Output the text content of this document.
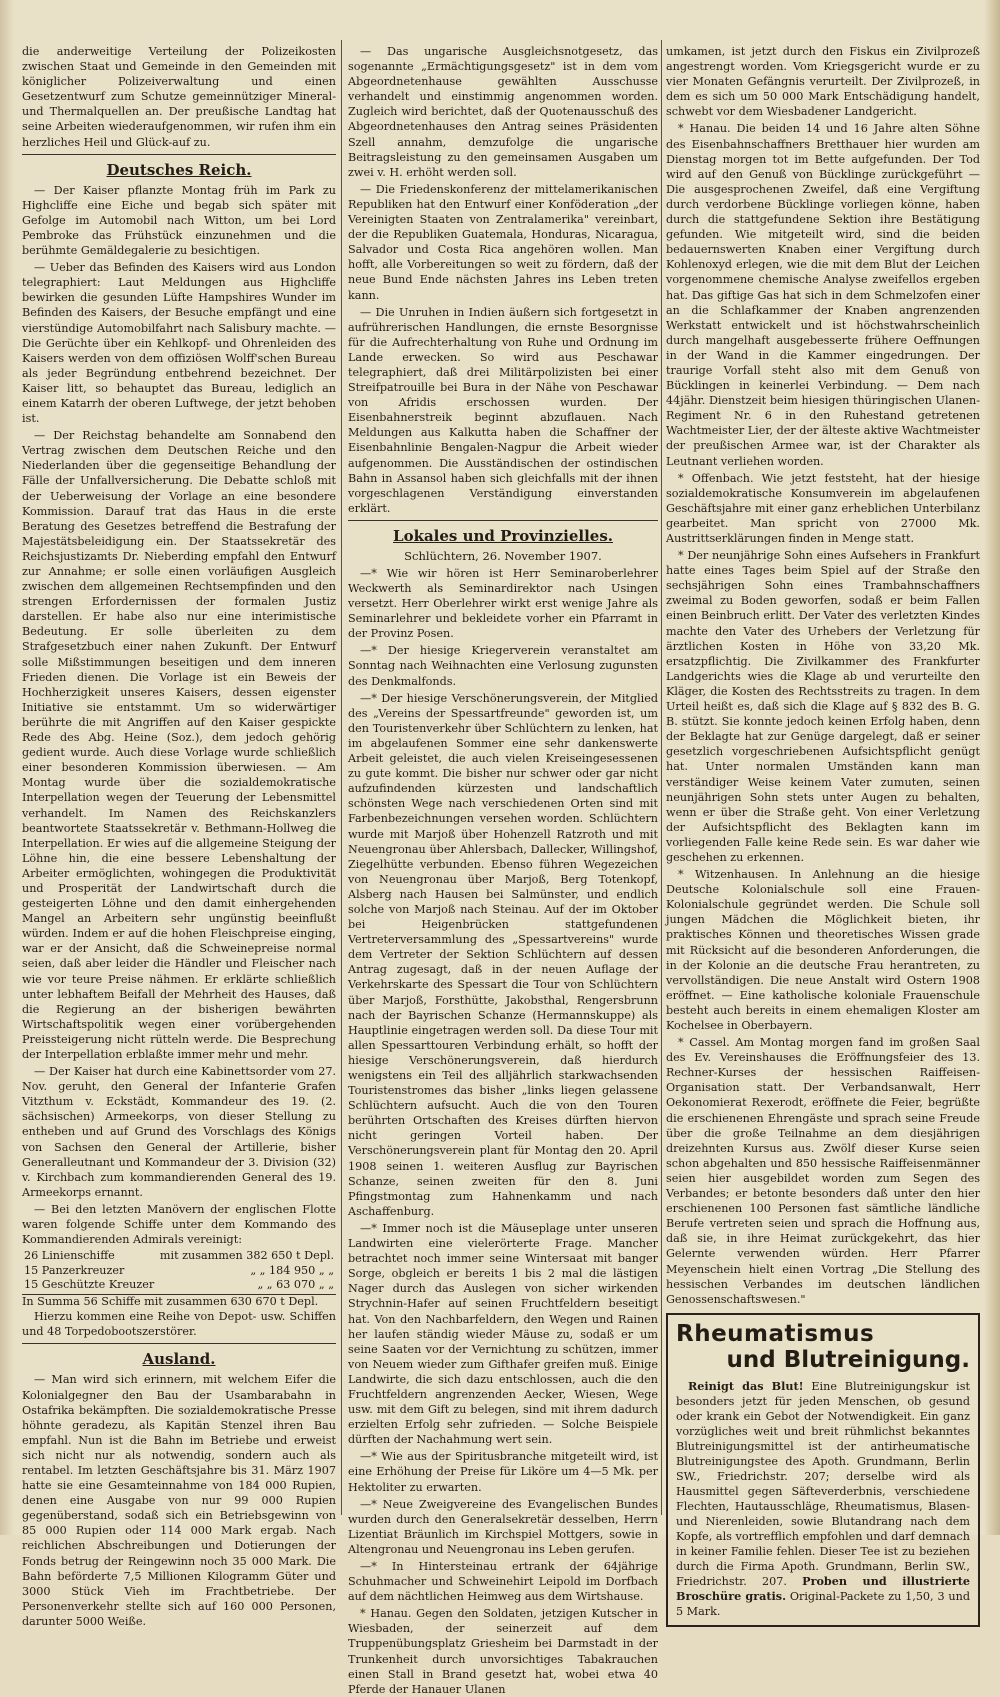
die anderweitige Verteilung der Polizeikosten zwischen Staat und Gemeinde in den Gemeinden mit königlicher Polizeiverwaltung und einen Gesetzentwurf zum Schutze gemeinnütziger Mineral- und Thermalquellen an. Der preußische Landtag hat seine Arbeiten wiederaufgenommen, wir rufen ihm ein herzliches Heil und Glück-auf zu.

Deutsches Reich.

— Der Kaiser pflanzte Montag früh im Park zu Highcliffe eine Eiche und begab sich später mit Gefolge im Automobil nach Witton, um bei Lord Pembroke das Frühstück einzunehmen und die berühmte Gemäldegalerie zu besichtigen.

— Ueber das Befinden des Kaisers wird aus London telegraphiert: Laut Meldungen aus Highcliffe bewirken die gesunden Lüfte Hampshires Wunder im Befinden des Kaisers, der Besuche empfängt und eine vierstündige Automobilfahrt nach Salisbury machte. — Die Gerüchte über ein Kehlkopf- und Ohrenleiden des Kaisers werden von dem offiziösen Wolff'schen Bureau als jeder Begründung entbehrend bezeichnet. Der Kaiser litt, so behauptet das Bureau, lediglich an einem Katarrh der oberen Luftwege, der jetzt behoben ist.

— Der Reichstag behandelte am Sonnabend den Vertrag zwischen dem Deutschen Reiche und den Niederlanden über die gegenseitige Behandlung der Fälle der Unfallversicherung. Die Debatte schloß mit der Ueberweisung der Vorlage an eine besondere Kommission. Darauf trat das Haus in die erste Beratung des Gesetzes betreffend die Bestrafung der Majestätsbeleidigung ein. Der Staatssekretär des Reichsjustizamts Dr. Nieberding empfahl den Entwurf zur Annahme; er solle einen vorläufigen Ausgleich zwischen dem allgemeinen Rechtsempfinden und den strengen Erfordernissen der formalen Justiz darstellen. Er habe also nur eine interimistische Bedeutung. Er solle überleiten zu dem Strafgesetzbuch einer nahen Zukunft. Der Entwurf solle Mißstimmungen beseitigen und dem inneren Frieden dienen. Die Vorlage ist ein Beweis der Hochherzigkeit unseres Kaisers, dessen eigenster Initiative sie entstammt. Um so widerwärtiger berührte die mit Angriffen auf den Kaiser gespickte Rede des Abg. Heine (Soz.), dem jedoch gehörig gedient wurde. Auch diese Vorlage wurde schließlich einer besonderen Kommission überwiesen. — Am Montag wurde über die sozialdemokratische Interpellation wegen der Teuerung der Lebensmittel verhandelt. Im Namen des Reichskanzlers beantwortete Staatssekretär v. Bethmann-Hollweg die Interpellation. Er wies auf die allgemeine Steigung der Löhne hin, die eine bessere Lebenshaltung der Arbeiter ermöglichten, wohingegen die Produktivität und Prosperität der Landwirtschaft durch die gesteigerten Löhne und den damit einhergehenden Mangel an Arbeitern sehr ungünstig beeinflußt würden. Indem er auf die hohen Fleischpreise einging, war er der Ansicht, daß die Schweinepreise normal seien, daß aber leider die Händler und Fleischer nach wie vor teure Preise nähmen. Er erklärte schließlich unter lebhaftem Beifall der Mehrheit des Hauses, daß die Regierung an der bisherigen bewährten Wirtschaftspolitik wegen einer vorübergehenden Preissteigerung nicht rütteln werde. Die Besprechung der Interpellation erblaßte immer mehr und mehr.

— Der Kaiser hat durch eine Kabinettsorder vom 27. Nov. geruht, den General der Infanterie Grafen Vitzthum v. Eckstädt, Kommandeur des 19. (2. sächsischen) Armeekorps, von dieser Stellung zu entheben und auf Grund des Vorschlags des Königs von Sachsen den General der Artillerie, bisher Generalleutnant und Kommandeur der 3. Division (32) v. Kirchbach zum kommandierenden General des 19. Armeekorps ernannt.

— Bei den letzten Manövern der englischen Flotte waren folgende Schiffe unter dem Kommando des Kommandierenden Admirals vereinigt:

26 Linienschiffe	mit zusammen 382 650 t Depl.
15 Panzerkreuzer	„ „ 184 950 „ „
15 Geschützte Kreuzer	„ „ 63 070 „ „
In Summa 56 Schiffe mit zusammen 630 670 t Depl.

Hierzu kommen eine Reihe von Depot- usw. Schiffen und 48 Torpedobootszerstörer.

Ausland.

— Man wird sich erinnern, mit welchem Eifer die Kolonialgegner den Bau der Usambarabahn in Ostafrika bekämpften. Die sozialdemokratische Presse höhnte geradezu, als Kapitän Stenzel ihren Bau empfahl. Nun ist die Bahn im Betriebe und erweist sich nicht nur als notwendig, sondern auch als rentabel. Im letzten Geschäftsjahre bis 31. März 1907 hatte sie eine Gesamteinnahme von 184 000 Rupien, denen eine Ausgabe von nur 99 000 Rupien gegenüberstand, sodaß sich ein Betriebsgewinn von 85 000 Rupien oder 114 000 Mark ergab. Nach reichlichen Abschreibungen und Dotierungen der Fonds betrug der Reingewinn noch 35 000 Mark. Die Bahn beförderte 7,5 Millionen Kilogramm Güter und 3000 Stück Vieh im Frachtbetriebe. Der Personenverkehr stellte sich auf 160 000 Personen, darunter 5000 Weiße.

— Das ungarische Ausgleichsnotgesetz, das sogenannte „Ermächtigungsgesetz" ist in dem vom Abgeordnetenhause gewählten Ausschusse verhandelt und einstimmig angenommen worden. Zugleich wird berichtet, daß der Quotenausschuß des Abgeordnetenhauses den Antrag seines Präsidenten Szell annahm, demzufolge die ungarische Beitragsleistung zu den gemeinsamen Ausgaben um zwei v. H. erhöht werden soll.

— Die Friedenskonferenz der mittelamerikanischen Republiken hat den Entwurf einer Konföderation „der Vereinigten Staaten von Zentralamerika" vereinbart, der die Republiken Guatemala, Honduras, Nicaragua, Salvador und Costa Rica angehören wollen. Man hofft, alle Vorbereitungen so weit zu fördern, daß der neue Bund Ende nächsten Jahres ins Leben treten kann.

— Die Unruhen in Indien äußern sich fortgesetzt in aufrührerischen Handlungen, die ernste Besorgnisse für die Aufrechterhaltung von Ruhe und Ordnung im Lande erwecken. So wird aus Peschawar telegraphiert, daß drei Militärpolizisten bei einer Streifpatrouille bei Bura in der Nähe von Peschawar von Afridis erschossen wurden. Der Eisenbahnerstreik beginnt abzuflauen. Nach Meldungen aus Kalkutta haben die Schaffner der Eisenbahnlinie Bengalen-Nagpur die Arbeit wieder aufgenommen. Die Ausständischen der ostindischen Bahn in Assansol haben sich gleichfalls mit der ihnen vorgeschlagenen Verständigung einverstanden erklärt.

Lokales und Provinzielles.
Schlüchtern, 26. November 1907.

—* Wie wir hören ist Herr Seminaroberlehrer Weckwerth als Seminardirektor nach Usingen versetzt. Herr Oberlehrer wirkt erst wenige Jahre als Seminarlehrer und bekleidete vorher ein Pfarramt in der Provinz Posen.

—* Der hiesige Kriegerverein veranstaltet am Sonntag nach Weihnachten eine Verlosung zugunsten des Denkmalfonds.

—* Der hiesige Verschönerungsverein, der Mitglied des „Vereins der Spessartfreunde" geworden ist, um den Touristenverkehr über Schlüchtern zu lenken, hat im abgelaufenen Sommer eine sehr dankenswerte Arbeit geleistet, die auch vielen Kreiseingesessenen zu gute kommt. Die bisher nur schwer oder gar nicht aufzufindenden kürzesten und landschaftlich schönsten Wege nach verschiedenen Orten sind mit Farbenbezeichnungen versehen worden. Schlüchtern wurde mit Marjoß über Hohenzell Ratzroth und mit Neuengronau über Ahlersbach, Dallecker, Willingshof, Ziegelhütte verbunden. Ebenso führen Wegezeichen von Neuengronau über Marjoß, Berg Totenkopf, Alsberg nach Hausen bei Salmünster, und endlich solche von Marjoß nach Steinau. Auf der im Oktober bei Heigenbrücken stattgefundenen Vertreterversammlung des „Spessartvereins" wurde dem Vertreter der Sektion Schlüchtern auf dessen Antrag zugesagt, daß in der neuen Auflage der Verkehrskarte des Spessart die Tour von Schlüchtern über Marjoß, Forsthütte, Jakobsthal, Rengersbrunn nach der Bayrischen Schanze (Hermannskuppe) als Hauptlinie eingetragen werden soll. Da diese Tour mit allen Spessarttouren Verbindung erhält, so hofft der hiesige Verschönerungsverein, daß hierdurch wenigstens ein Teil des alljährlich starkwachsenden Touristenstromes das bisher „links liegen gelassene Schlüchtern aufsucht. Auch die von den Touren berührten Ortschaften des Kreises dürften hiervon nicht geringen Vorteil haben. Der Verschönerungsverein plant für Montag den 20. April 1908 seinen 1. weiteren Ausflug zur Bayrischen Schanze, seinen zweiten für den 8. Juni Pfingstmontag zum Hahnenkamm und nach Aschaffenburg.

—* Immer noch ist die Mäuseplage unter unseren Landwirten eine vielerörterte Frage. Mancher betrachtet noch immer seine Wintersaat mit banger Sorge, obgleich er bereits 1 bis 2 mal die lästigen Nager durch das Auslegen von sicher wirkenden Strychnin-Hafer auf seinen Fruchtfeldern beseitigt hat. Von den Nachbarfeldern, den Wegen und Rainen her laufen ständig wieder Mäuse zu, sodaß er um seine Saaten vor der Vernichtung zu schützen, immer von Neuem wieder zum Gifthafer greifen muß. Einige Landwirte, die sich dazu entschlossen, auch die den Fruchtfeldern angrenzenden Aecker, Wiesen, Wege usw. mit dem Gift zu belegen, sind mit ihrem dadurch erzielten Erfolg sehr zufrieden. — Solche Beispiele dürften der Nachahmung wert sein.

—* Wie aus der Spiritusbranche mitgeteilt wird, ist eine Erhöhung der Preise für Liköre um 4—5 Mk. per Hektoliter zu erwarten.

—* Neue Zweigvereine des Evangelischen Bundes wurden durch den Generalsekretär desselben, Herrn Lizentiat Bräunlich im Kirchspiel Mottgers, sowie in Altengronau und Neuengronau ins Leben gerufen.

—* In Hintersteinau ertrank der 64jährige Schuhmacher und Schweinehirt Leipold im Dorfbach auf dem nächtlichen Heimweg aus dem Wirtshause.

* Hanau. Gegen den Soldaten, jetzigen Kutscher in Wiesbaden, der seinerzeit auf dem Truppenübungsplatz Griesheim bei Darmstadt in der Trunkenheit durch unvorsichtiges Tabakrauchen einen Stall in Brand gesetzt hat, wobei etwa 40 Pferde der Hanauer Ulanen

umkamen, ist jetzt durch den Fiskus ein Zivilprozeß angestrengt worden. Vom Kriegsgericht wurde er zu vier Monaten Gefängnis verurteilt. Der Zivilprozeß, in dem es sich um 50 000 Mark Entschädigung handelt, schwebt vor dem Wiesbadener Landgericht.

* Hanau. Die beiden 14 und 16 Jahre alten Söhne des Eisenbahnschaffners Bretthauer hier wurden am Dienstag morgen tot im Bette aufgefunden. Der Tod wird auf den Genuß von Bücklinge zurückgeführt — Die ausgesprochenen Zweifel, daß eine Vergiftung durch verdorbene Bücklinge vorliegen könne, haben durch die stattgefundene Sektion ihre Bestätigung gefunden. Wie mitgeteilt wird, sind die beiden bedauernswerten Knaben einer Vergiftung durch Kohlenoxyd erlegen, wie die mit dem Blut der Leichen vorgenommene chemische Analyse zweifellos ergeben hat. Das giftige Gas hat sich in dem Schmelzofen einer an die Schlafkammer der Knaben angrenzenden Werkstatt entwickelt und ist höchstwahrscheinlich durch mangelhaft ausgebesserte frühere Oeffnungen in der Wand in die Kammer eingedrungen. Der traurige Vorfall steht also mit dem Genuß von Bücklingen in keinerlei Verbindung. — Dem nach 44jähr. Dienstzeit beim hiesigen thüringischen Ulanen-Regiment Nr. 6 in den Ruhestand getretenen Wachtmeister Lier, der der älteste aktive Wachtmeister der preußischen Armee war, ist der Charakter als Leutnant verliehen worden.

* Offenbach. Wie jetzt feststeht, hat der hiesige sozialdemokratische Konsumverein im abgelaufenen Geschäftsjahre mit einer ganz erheblichen Unterbilanz gearbeitet. Man spricht von 27000 Mk. Austrittserklärungen finden in Menge statt.

* Der neunjährige Sohn eines Aufsehers in Frankfurt hatte eines Tages beim Spiel auf der Straße den sechsjährigen Sohn eines Trambahnschaffners zweimal zu Boden geworfen, sodaß er beim Fallen einen Beinbruch erlitt. Der Vater des verletzten Kindes machte den Vater des Urhebers der Verletzung für ärztlichen Kosten in Höhe von 33,20 Mk. ersatzpflichtig. Die Zivilkammer des Frankfurter Landgerichts wies die Klage ab und verurteilte den Kläger, die Kosten des Rechtsstreits zu tragen. In dem Urteil heißt es, daß sich die Klage auf § 832 des B. G. B. stützt. Sie konnte jedoch keinen Erfolg haben, denn der Beklagte hat zur Genüge dargelegt, daß er seiner gesetzlich vorgeschriebenen Aufsichtspflicht genügt hat. Unter normalen Umständen kann man verständiger Weise keinem Vater zumuten, seinen neunjährigen Sohn stets unter Augen zu behalten, wenn er über die Straße geht. Von einer Verletzung der Aufsichtspflicht des Beklagten kann im vorliegenden Falle keine Rede sein. Es war daher wie geschehen zu erkennen.

* Witzenhausen. In Anlehnung an die hiesige Deutsche Kolonialschule soll eine Frauen-Kolonialschule gegründet werden. Die Schule soll jungen Mädchen die Möglichkeit bieten, ihr praktisches Können und theoretisches Wissen grade mit Rücksicht auf die besonderen Anforderungen, die in der Kolonie an die deutsche Frau herantreten, zu vervollständigen. Die neue Anstalt wird Ostern 1908 eröffnet. — Eine katholische koloniale Frauenschule besteht auch bereits in einem ehemaligen Kloster am Kochelsee in Oberbayern.

* Cassel. Am Montag morgen fand im großen Saal des Ev. Vereinshauses die Eröffnungsfeier des 13. Rechner-Kurses der hessischen Raiffeisen-Organisation statt. Der Verbandsanwalt, Herr Oekonomierat Rexerodt, eröffnete die Feier, begrüßte die erschienenen Ehrengäste und sprach seine Freude über die große Teilnahme an dem diesjährigen dreizehnten Kursus aus. Zwölf dieser Kurse seien schon abgehalten und 850 hessische Raiffeisenmänner seien hier ausgebildet worden zum Segen des Verbandes; er betonte besonders daß unter den hier erschienenen 100 Personen fast sämtliche ländliche Berufe vertreten seien und sprach die Hoffnung aus, daß sie, in ihre Heimat zurückgekehrt, das hier Gelernte verwenden würden. Herr Pfarrer Meyenschein hielt einen Vortrag „Die Stellung des hessischen Verbandes im deutschen ländlichen Genossenschaftswesen."

Rheumatismus
und Blutreinigung.

Reinigt das Blut! Eine Blutreinigungskur ist besonders jetzt für jeden Menschen, ob gesund oder krank ein Gebot der Notwendigkeit. Ein ganz vorzügliches weit und breit rühmlichst bekanntes Blutreinigungsmittel ist der antirheumatische Blutreinigungstee des Apoth. Grundmann, Berlin SW., Friedrichstr. 207; derselbe wird als Hausmittel gegen Säfteverderbnis, verschiedene Flechten, Hautausschläge, Rheumatismus, Blasen- und Nierenleiden, sowie Blutandrang nach dem Kopfe, als vortrefflich empfohlen und darf demnach in keiner Familie fehlen. Dieser Tee ist zu beziehen durch die Firma Apoth. Grundmann, Berlin SW., Friedrichstr. 207. Proben und illustrierte Broschüre gratis. Original-Packete zu 1,50, 3 und 5 Mark.
